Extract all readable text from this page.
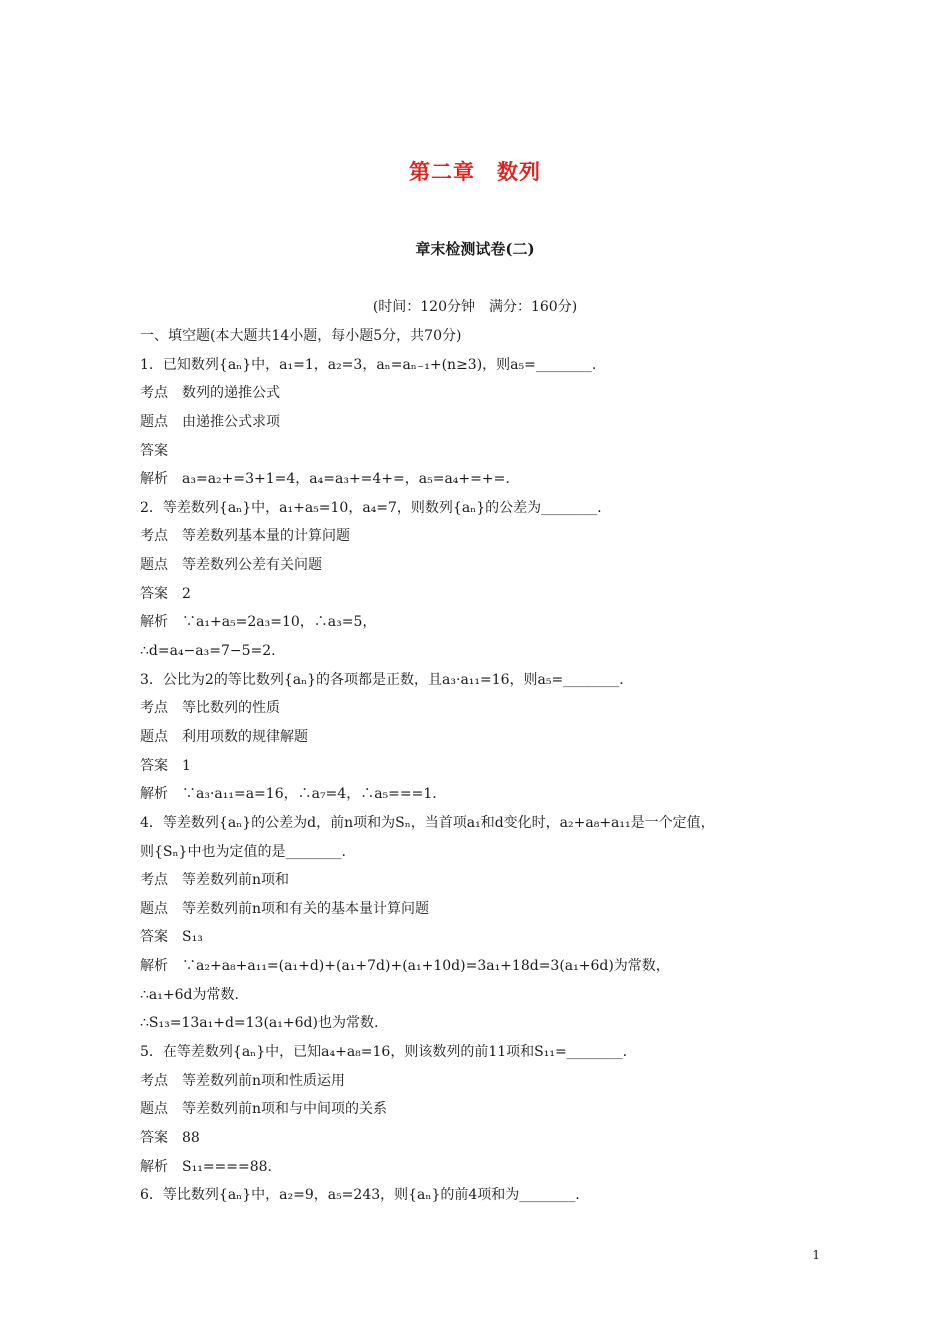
第二章　数列
章末检测试卷(二)
(时间：120分钟　满分：160分)
一、填空题(本大题共14小题，每小题5分，共70分)
1．已知数列{aₙ}中，a₁=1，a₂=3，aₙ=aₙ₋₁+(n≥3)，则a₅=________.
考点　数列的递推公式
题点　由递推公式求项
答案
解析　a₃=a₂+=3+1=4，a₄=a₃+=4+=，a₅=a₄+=+=.
2．等差数列{aₙ}中，a₁+a₅=10，a₄=7，则数列{aₙ}的公差为________.
考点　等差数列基本量的计算问题
题点　等差数列公差有关问题
答案　2
解析　∵a₁+a₅=2a₃=10，∴a₃=5，
∴d=a₄−a₃=7−5=2.
3．公比为2的等比数列{aₙ}的各项都是正数，且a₃·a₁₁=16，则a₅=________.
考点　等比数列的性质
题点　利用项数的规律解题
答案　1
解析　∵a₃·a₁₁=a=16，∴a₇=4，∴a₅===1.
4．等差数列{aₙ}的公差为d，前n项和为Sₙ，当首项a₁和d变化时，a₂+a₈+a₁₁是一个定值，
则{Sₙ}中也为定值的是________.
考点　等差数列前n项和
题点　等差数列前n项和有关的基本量计算问题
答案　S₁₃
解析　∵a₂+a₈+a₁₁=(a₁+d)+(a₁+7d)+(a₁+10d)=3a₁+18d=3(a₁+6d)为常数，
∴a₁+6d为常数.
∴S₁₃=13a₁+d=13(a₁+6d)也为常数.
5．在等差数列{aₙ}中，已知a₄+a₈=16，则该数列的前11项和S₁₁=________.
考点　等差数列前n项和性质运用
题点　等差数列前n项和与中间项的关系
答案　88
解析　S₁₁====88.
6．等比数列{aₙ}中，a₂=9，a₅=243，则{aₙ}的前4项和为________.
1
